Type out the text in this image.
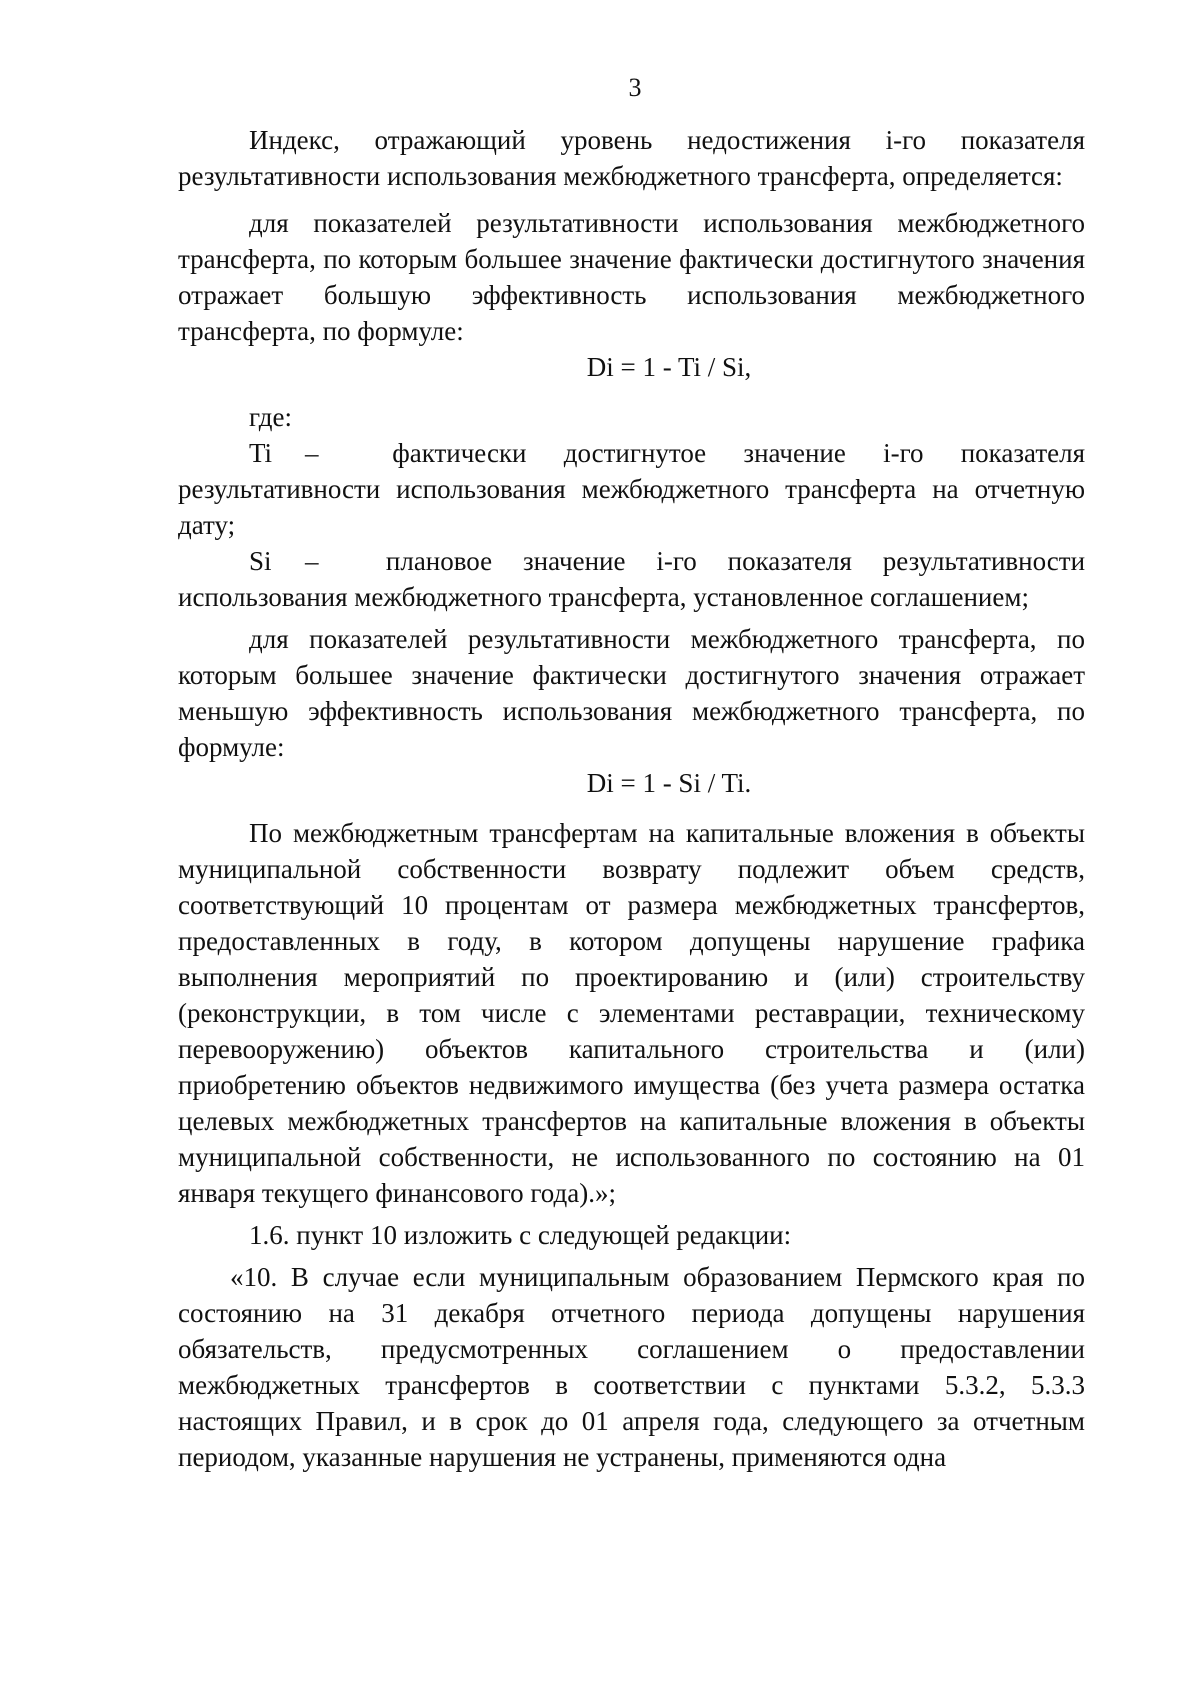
3

Индекс, отражающий уровень недостижения i-го показателя результативности использования межбюджетного трансферта, определяется:

для показателей результативности использования межбюджетного трансферта, по которым большее значение фактически достигнутого значения отражает большую эффективность использования межбюджетного трансферта, по формуле:

Di = 1 - Ti / Si,

где:

Ti –	фактически достигнутое значение i-го показателя результативности использования межбюджетного трансферта на отчетную дату;

Si – плановое значение i-го показателя результативности использования межбюджетного трансферта, установленное соглашением;

для показателей результативности межбюджетного трансферта, по которым большее значение фактически достигнутого значения отражает меньшую эффективность использования межбюджетного трансферта, по формуле:

Di = 1 - Si / Ti.

По межбюджетным трансфертам на капитальные вложения в объекты муниципальной собственности возврату подлежит объем средств, соответствующий 10 процентам от размера межбюджетных трансфертов, предоставленных в году, в котором допущены нарушение графика выполнения мероприятий по проектированию и (или) строительству (реконструкции, в том числе с элементами реставрации, техническому перевооружению) объектов капитального строительства и (или) приобретению объектов недвижимого имущества (без учета размера остатка целевых межбюджетных трансфертов на капитальные вложения в объекты муниципальной собственности, не использованного по состоянию на 01 января текущего финансового года).»;

1.6. пункт 10 изложить с следующей редакции:

«10. В случае если муниципальным образованием Пермского края по состоянию на 31 декабря отчетного периода допущены нарушения обязательств, предусмотренных соглашением о предоставлении межбюджетных трансфертов в соответствии с пунктами 5.3.2, 5.3.3 настоящих Правил, и в срок до 01 апреля года, следующего за отчетным периодом, указанные нарушения не устранены, применяются одна
